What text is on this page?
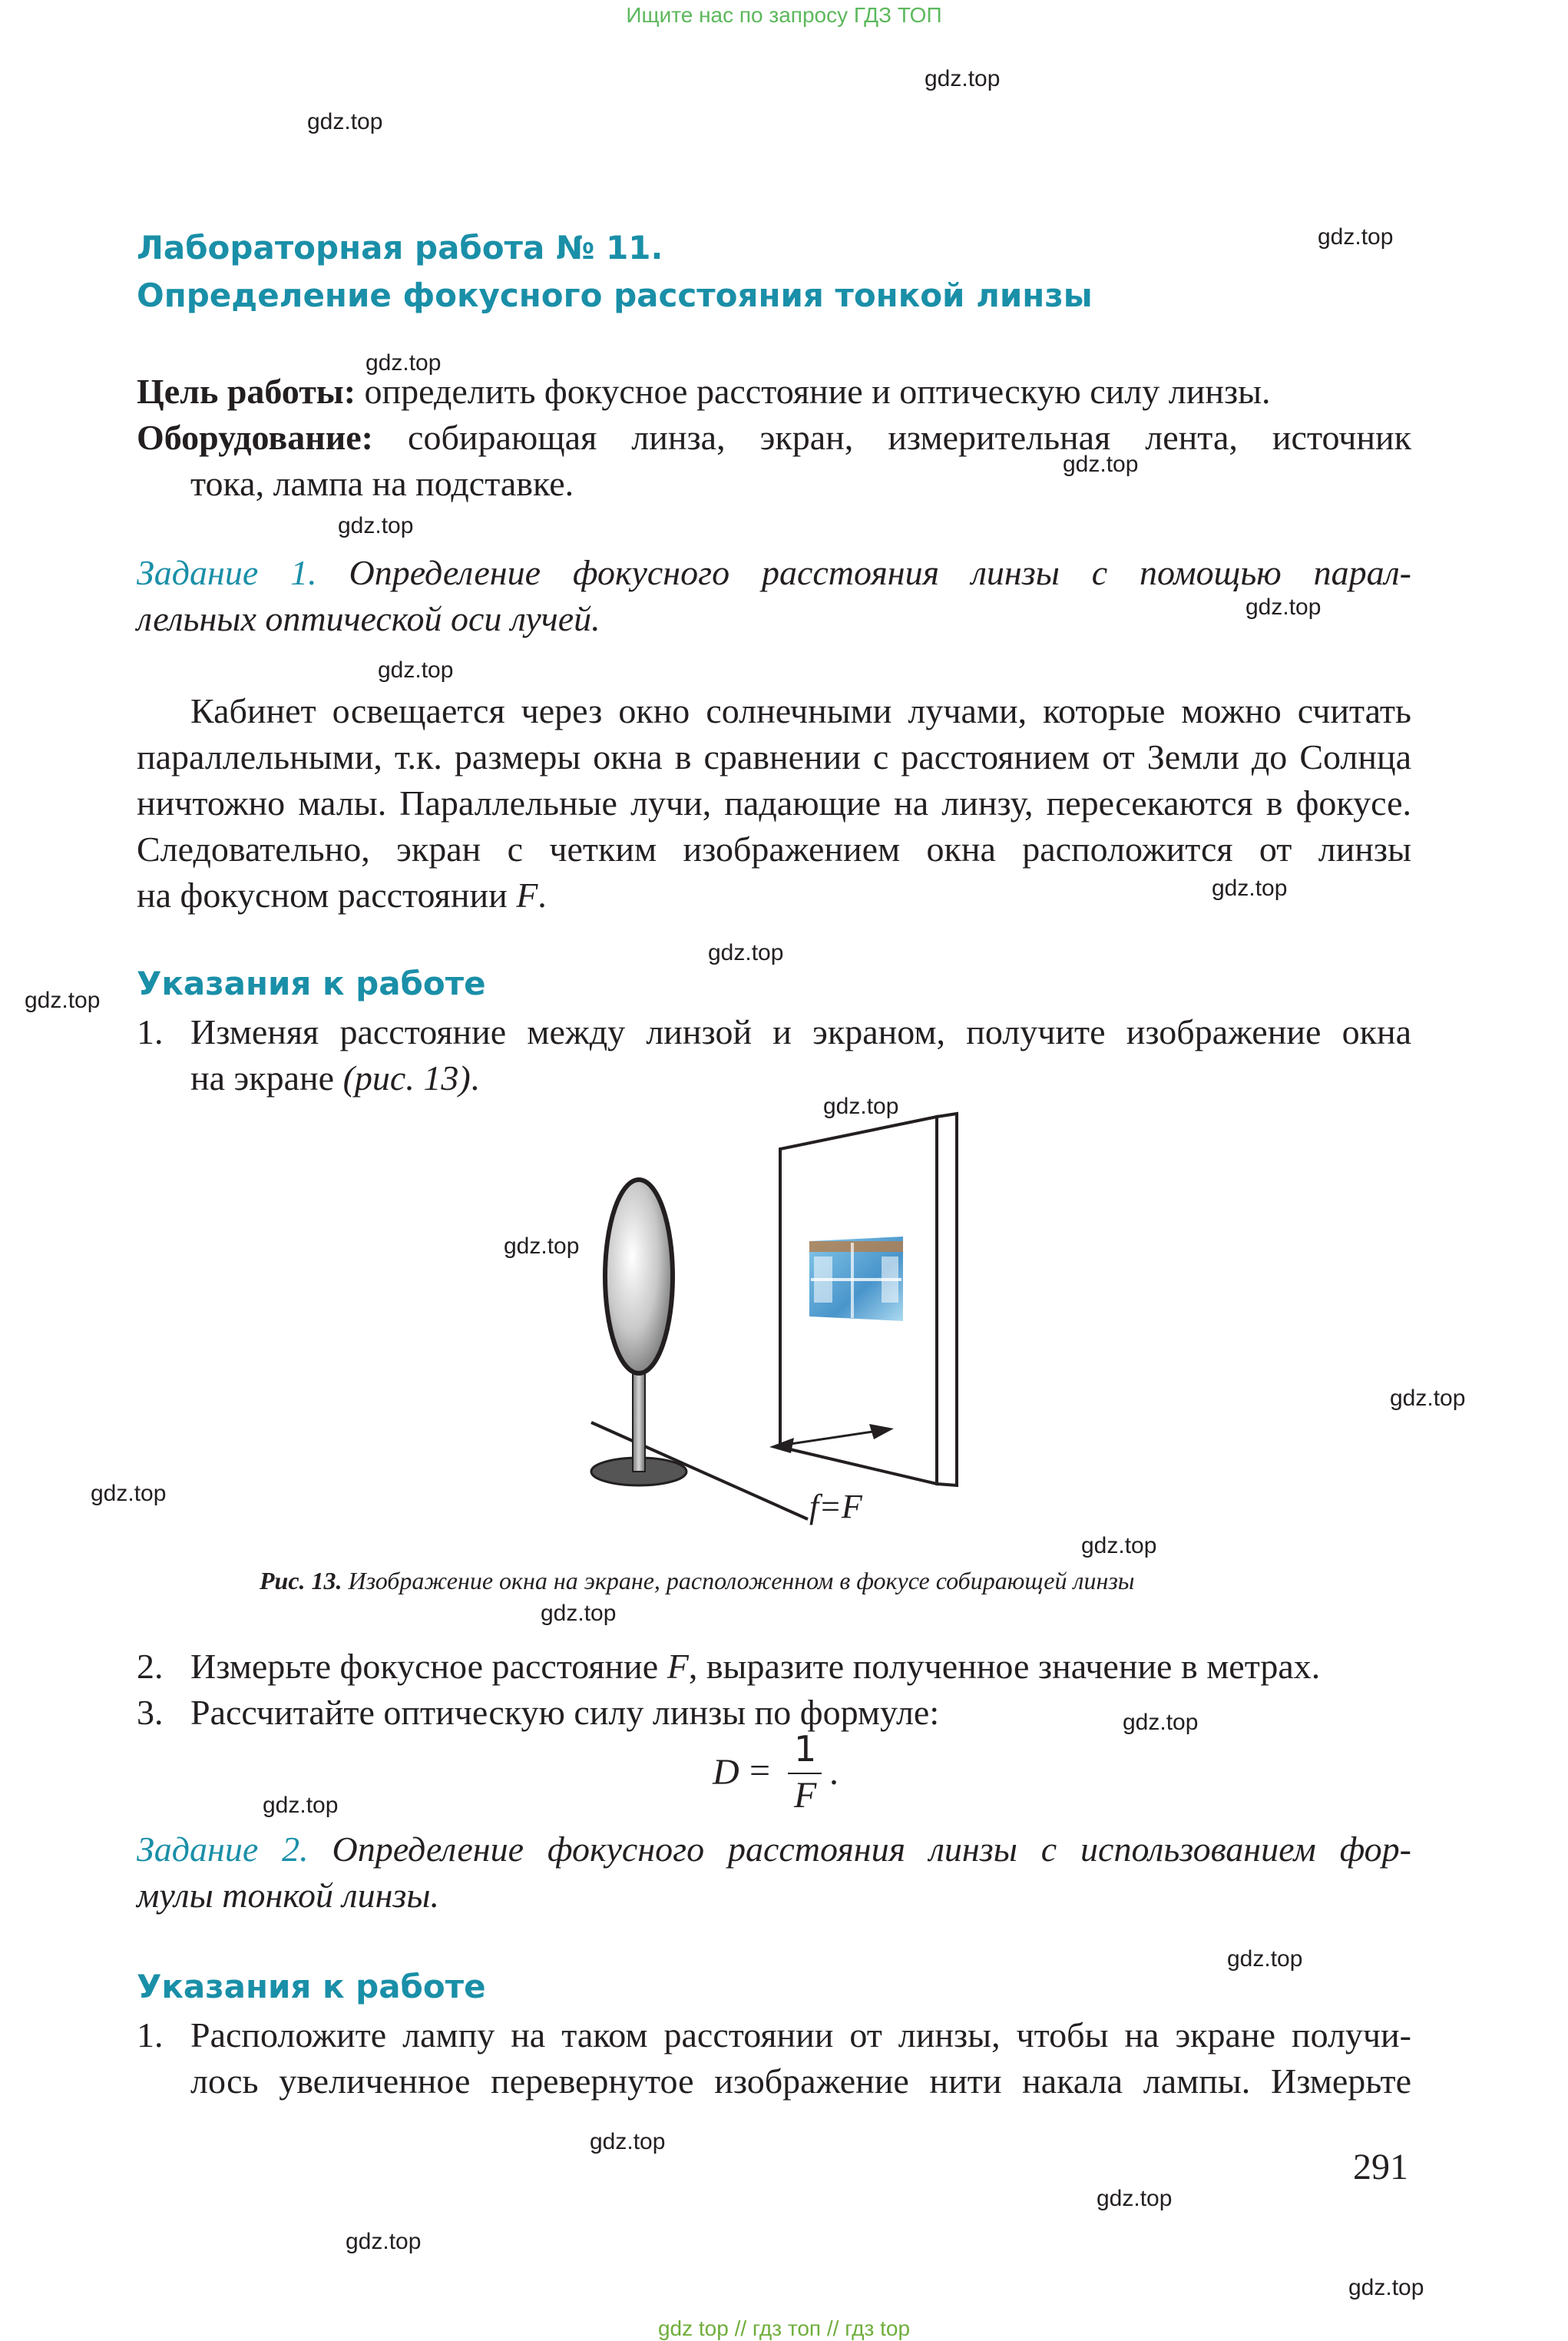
Ищите нас по запросу ГДЗ ТОП
gdz.top
gdz.top
gdz.top
gdz.top
gdz.top
gdz.top
gdz.top
gdz.top
gdz.top
gdz.top
gdz.top
gdz.top
gdz.top
gdz.top
gdz.top
gdz.top
gdz.top
gdz.top
gdz.top
gdz.top
gdz.top
gdz.top
gdz.top
gdz.top
Лабораторная работа № 11.
Определение фокусного расстояния тонкой линзы
Цель работы: определить фокусное расстояние и оптическую силу линзы.
Оборудование: собирающая линза, экран, измерительная лента, источник
тока, лампа на подставке.
Задание 1. Определение фокусного расстояния линзы с помощью парал-
лельных оптической оси лучей.
Кабинет освещается через окно солнечными лучами, которые можно считать
параллельными, т.к. размеры окна в сравнении с расстоянием от Земли до Солнца
ничтожно малы. Параллельные лучи, падающие на линзу, пересекаются в фокусе.
Следовательно, экран с четким изображением окна расположится от линзы
на фокусном расстоянии F.
Указания к работе
1. Изменяя расстояние между линзой и экраном, получите изображение окна
на экране (рис. 13).
f=F
Рис. 13. Изображение окна на экране, расположенном в фокусе собирающей линзы
2. Измерьте фокусное расстояние F, выразите полученное значение в метрах.
3. Рассчитайте оптическую силу линзы по формуле:
D =
1
F
.
Задание 2. Определение фокусного расстояния линзы с использованием фор-
мулы тонкой линзы.
Указания к работе
1. Расположите лампу на таком расстоянии от линзы, чтобы на экране получи-
лось увеличенное перевернутое изображение нити накала лампы. Измерьте
291
gdz top // гдз топ // гдз top
